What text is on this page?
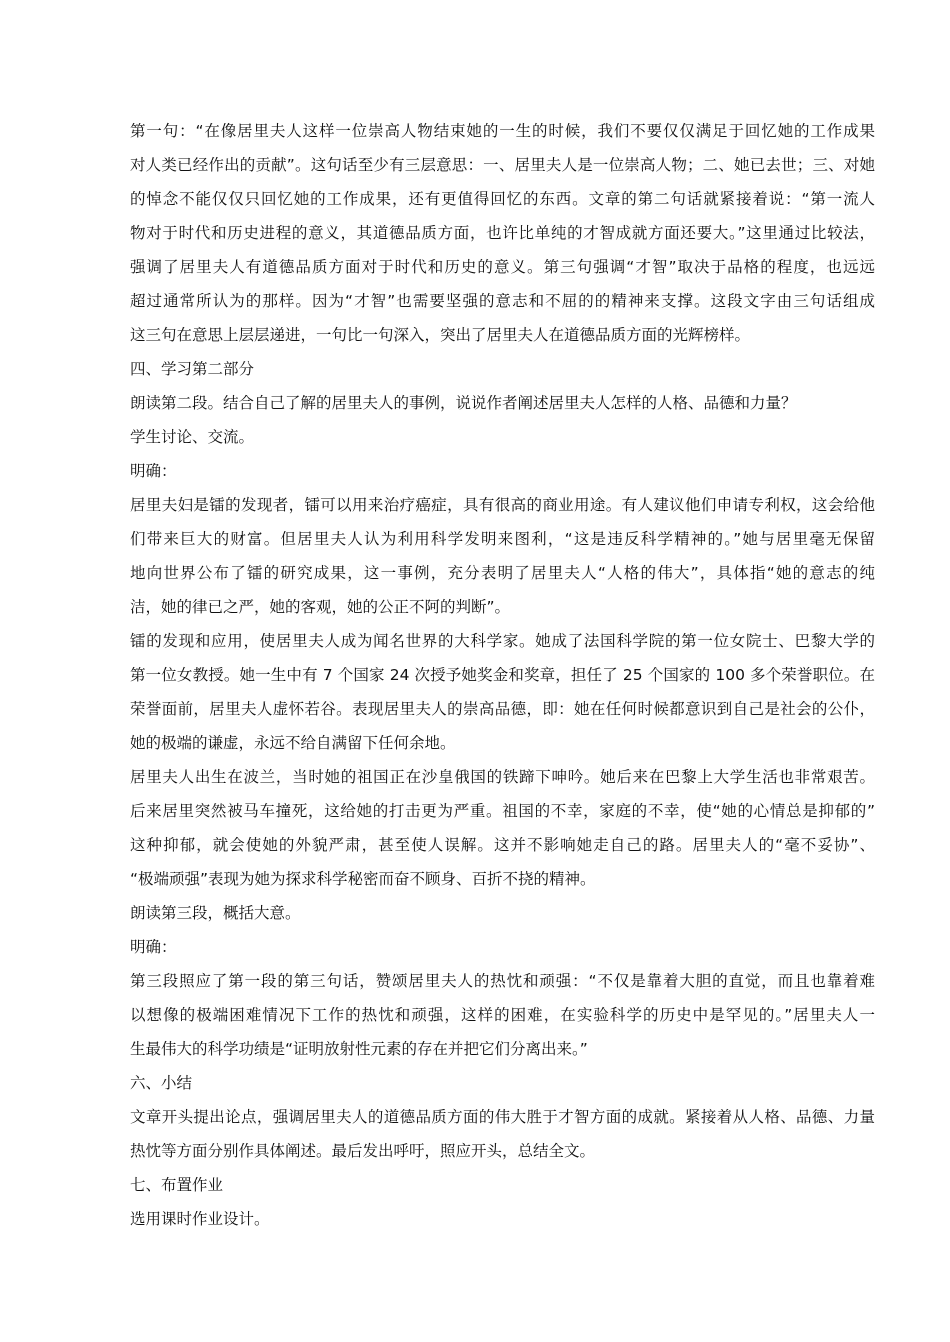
第一句：“在像居里夫人这样一位崇高人物结束她的一生的时候，我们不要仅仅满足于回忆她的工作成果
对人类已经作出的贡献”。这句话至少有三层意思：一、居里夫人是一位崇高人物；二、她已去世；三、对她
的悼念不能仅仅只回忆她的工作成果，还有更值得回忆的东西。文章的第二句话就紧接着说：“第一流人
物对于时代和历史进程的意义，其道德品质方面，也许比单纯的才智成就方面还要大。”这里通过比较法，
强调了居里夫人有道德品质方面对于时代和历史的意义。第三句强调“才智”取决于品格的程度，也远远
超过通常所认为的那样。因为“才智”也需要坚强的意志和不屈的的精神来支撑。这段文字由三句话组成
这三句在意思上层层递进，一句比一句深入，突出了居里夫人在道德品质方面的光辉榜样。
四、学习第二部分
朗读第二段。结合自己了解的居里夫人的事例，说说作者阐述居里夫人怎样的人格、品德和力量？
学生讨论、交流。
明确：
居里夫妇是镭的发现者，镭可以用来治疗癌症，具有很高的商业用途。有人建议他们申请专利权，这会给他
们带来巨大的财富。但居里夫人认为利用科学发明来图利，“这是违反科学精神的。”她与居里毫无保留
地向世界公布了镭的研究成果，这一事例，充分表明了居里夫人“人格的伟大”，具体指“她的意志的纯
洁，她的律已之严，她的客观，她的公正不阿的判断”。
镭的发现和应用，使居里夫人成为闻名世界的大科学家。她成了法国科学院的第一位女院士、巴黎大学的
第一位女教授。她一生中有 7 个国家 24 次授予她奖金和奖章，担任了 25 个国家的 100 多个荣誉职位。在
荣誉面前，居里夫人虚怀若谷。表现居里夫人的崇高品德，即：她在任何时候都意识到自己是社会的公仆，
她的极端的谦虚，永远不给自满留下任何余地。
居里夫人出生在波兰，当时她的祖国正在沙皇俄国的铁蹄下呻吟。她后来在巴黎上大学生活也非常艰苦。
后来居里突然被马车撞死，这给她的打击更为严重。祖国的不幸，家庭的不幸，使“她的心情总是抑郁的”
这种抑郁，就会使她的外貌严肃，甚至使人误解。这并不影响她走自己的路。居里夫人的“毫不妥协”、
“极端顽强”表现为她为探求科学秘密而奋不顾身、百折不挠的精神。
朗读第三段，概括大意。
明确：
第三段照应了第一段的第三句话，赞颂居里夫人的热忱和顽强：“不仅是靠着大胆的直觉，而且也靠着难
以想像的极端困难情况下工作的热忱和顽强，这样的困难，在实验科学的历史中是罕见的。”居里夫人一
生最伟大的科学功绩是“证明放射性元素的存在并把它们分离出来。”
六、小结
文章开头提出论点，强调居里夫人的道德品质方面的伟大胜于才智方面的成就。紧接着从人格、品德、力量
热忱等方面分别作具体阐述。最后发出呼吁，照应开头，总结全文。
七、布置作业
选用课时作业设计。
